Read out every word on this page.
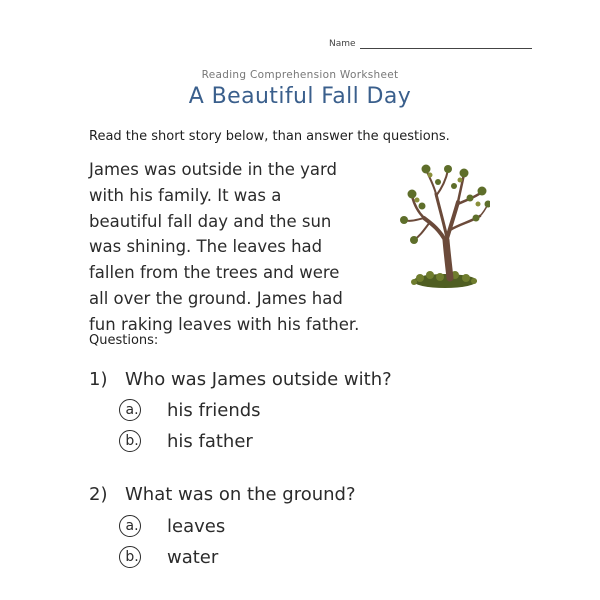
Name
Reading Comprehension Worksheet
A Beautiful Fall Day
Read the short story below, than answer the questions.
James was outside in the yard
with his family. It was a
beautiful fall day and the sun
was shining. The leaves had
fallen from the trees and were
all over the ground. James had
fun raking leaves with his father.
Questions:
1) Who was James outside with?
a. his friends
b. his father
2) What was on the ground?
a. leaves
b. water
